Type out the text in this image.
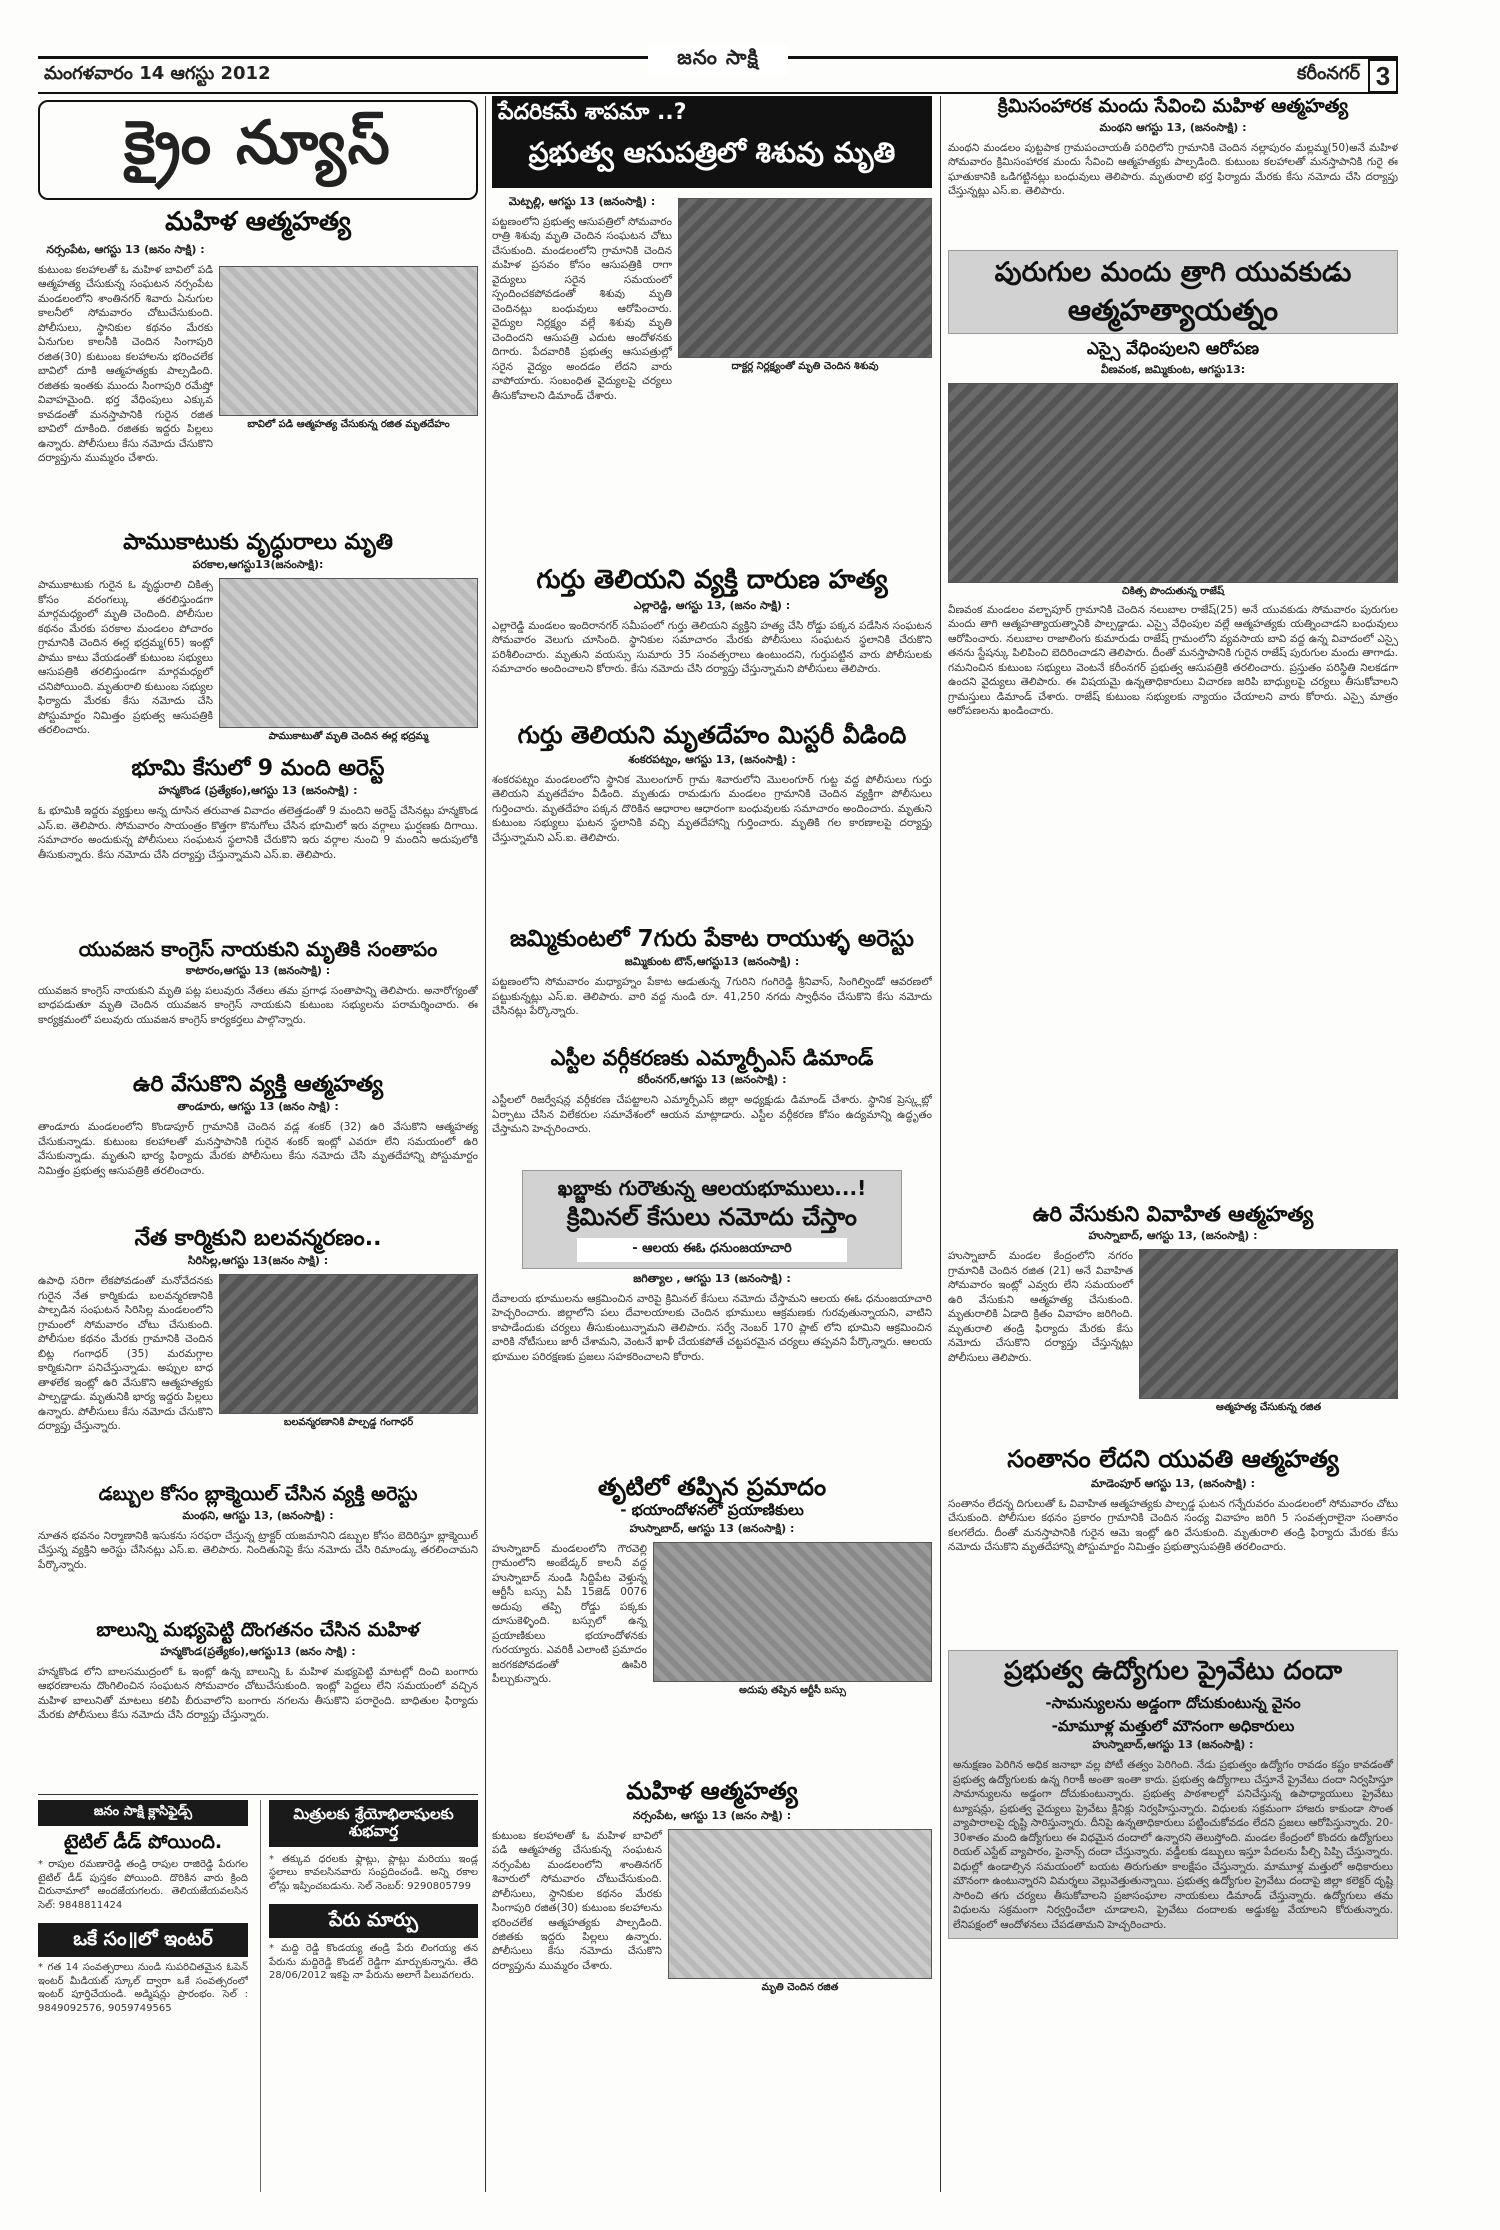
మంగళవారం 14 ఆగస్టు 2012
జనం సాక్షి
కరీంనగర్ 3
క్రైం న్యూస్
మహిళ ఆత్మహత్య
నర్సంపేట, ఆగస్టు 13 (జనం సాక్షి) :
కుటుంబ కలహాలతో ఓ మహిళ బావిలో పడి ఆత్మహత్య చేసుకున్న సంఘటన నర్సంపేట మండలంలోని శాంతినగర్ శివారు ఏనుగుల కాలనీలో సోమవారం చోటుచేసుకుంది. పోలీసులు, స్థానికుల కథనం మేరకు ఏనుగుల కాలనీకి చెందిన సింగాపురి రజిత(30) కుటుంబ కలహాలను భరించలేక బావిలో దూకి ఆత్మహత్యకు పాల్పడింది. రజితకు ఇంతకు ముందు సింగాపురి రమేష్తో వివాహమైంది. భర్త వేధింపులు ఎక్కువ కావడంతో మనస్తాపానికి గురైన రజిత బావిలో దూకింది. రజితకు ఇద్దరు పిల్లలు ఉన్నారు. పోలీసులు కేసు నమోదు చేసుకొని దర్యాప్తును ముమ్మరం చేశారు.
బావిలో పడి ఆత్మహత్య చేసుకున్న రజిత మృతదేహం
పాముకాటుకు వృద్ధురాలు మృతి
పరకాల,ఆగస్టు13(జనంసాక్షి):
పాముకాటుకు గురైన ఓ వృద్ధురాలి చికిత్స కోసం వరంగల్కు తరలిస్తుండగా మార్గమధ్యంలో మృతి చెందింది. పోలీసుల కథనం మేరకు పరకాల మండలం పోచారం గ్రామానికి చెందిన ఈర్ల భద్రమ్మ(65) ఇంట్లో పాము కాటు వేయడంతో కుటుంబ సభ్యులు ఆసుపత్రికి తరలిస్తుండగా మార్గమధ్యలో చనిపోయింది. మృతురాలి కుటుంబ సభ్యుల ఫిర్యాదు మేరకు కేసు నమోదు చేసి పోస్టుమార్టం నిమిత్తం ప్రభుత్వ ఆసుపత్రికి తరలించారు.
పాముకాటుతో మృతి చెందిన ఈర్ల భద్రమ్మ
భూమి కేసులో 9 మంది అరెస్ట్
హన్మకొండ (ప్రత్యేకం),ఆగస్టు 13 (జనంసాక్షి) :
ఓ భూమికి ఇద్దరు వ్యక్తులు అన్న దూసిన తరువాత వివాదం తలెత్తడంతో 9 మందిని అరెస్ట్ చేసినట్లు హన్మకొండ ఎస్.ఐ. తెలిపారు. సోమవారం సాయంత్రం కొత్తగా కొనుగోలు చేసిన భూమిలో ఇరు వర్గాలు ఘర్షణకు దిగాయి. సమాచారం అందుకున్న పోలీసులు సంఘటన స్థలానికి చేరుకొని ఇరు వర్గాల నుంచి 9 మందిని అదుపులోకి తీసుకున్నారు. కేసు నమోదు చేసి దర్యాప్తు చేస్తున్నామని ఎస్.ఐ. తెలిపారు.
యువజన కాంగ్రెస్ నాయకుని మృతికి సంతాపం
కాటారం,ఆగస్టు 13 (జనంసాక్షి) :
యువజన కాంగ్రెస్ నాయకుని మృతి పట్ల పలువురు నేతలు తమ ప్రగాఢ సంతాపాన్ని తెలిపారు. అనారోగ్యంతో బాధపడుతూ మృతి చెందిన యువజన కాంగ్రెస్ నాయకుని కుటుంబ సభ్యులను పరామర్శించారు. ఈ కార్యక్రమంలో పలువురు యువజన కాంగ్రెస్ కార్యకర్తలు పాల్గొన్నారు.
ఉరి వేసుకొని వ్యక్తి ఆత్మహత్య
తాండూరు, ఆగస్టు 13 (జనం సాక్షి) :
తాండూరు మండలంలోని కొండాపూర్ గ్రామానికి చెందిన వడ్ల శంకర్ (32) ఉరి వేసుకొని ఆత్మహత్య చేసుకున్నాడు. కుటుంబ కలహాలతో మనస్తాపానికి గురైన శంకర్ ఇంట్లో ఎవరూ లేని సమయంలో ఉరి వేసుకున్నాడు. మృతుని భార్య ఫిర్యాదు మేరకు పోలీసులు కేసు నమోదు చేసి మృతదేహాన్ని పోస్టుమార్టం నిమిత్తం ప్రభుత్వ ఆసుపత్రికి తరలించారు.
నేత కార్మికుని బలవన్మరణం..
సిరిసిల్ల,ఆగస్టు 13(జనం సాక్షి) :
ఉపాధి సరిగా లేకపోవడంతో మనోవేదనకు గురైన నేత కార్మికుడు బలవన్మరణానికి పాల్పడిన సంఘటన సిరిసిల్ల మండలంలోని గ్రామంలో సోమవారం చోటు చేసుకుంది. పోలీసుల కథనం మేరకు గ్రామానికి చెందిన బిట్ల గంగాధర్ (35) మరమగ్గాల కార్మికునిగా పనిచేస్తున్నాడు. అప్పుల బాధ తాళలేక ఇంట్లో ఉరి వేసుకొని ఆత్మహత్యకు పాల్పడ్డాడు. మృతునికి భార్య ఇద్దరు పిల్లలు ఉన్నారు. పోలీసులు కేసు నమోదు చేసుకొని దర్యాప్తు చేస్తున్నారు.	బలవన్మరణానికి పాల్పడ్డ గంగాధర్
డబ్బుల కోసం బ్లాక్మెయిల్ చేసిన వ్యక్తి అరెస్టు
మంథని, ఆగస్టు 13, (జనంసాక్షి) :
నూతన భవనం నిర్మాణానికి ఇసుకను సరఫరా చేస్తున్న ట్రాక్టర్ యజమానిని డబ్బుల కోసం బెదిరిస్తూ బ్లాక్మెయిల్ చేస్తున్న వ్యక్తిని అరెస్టు చేసినట్లు ఎస్.ఐ. తెలిపారు. నిందితునిపై కేసు నమోదు చేసి రిమాండ్కు తరలించామని పేర్కొన్నారు.
బాలున్ని మభ్యపెట్టి దొంగతనం చేసిన మహిళ
హన్మకొండ(ప్రత్యేకం),ఆగస్టు13 (జనం సాక్షి) :
హన్మకొండ లోని బాలసముద్రంలో ఓ ఇంట్లో ఉన్న బాలున్ని ఓ మహిళ మభ్యపెట్టి మాటల్లో దించి బంగారు ఆభరణాలను దొంగిలించిన సంఘటన సోమవారం చోటుచేసుకుంది. ఇంట్లో పెద్దలు లేని సమయంలో వచ్చిన మహిళ బాలునితో మాటలు కలిపి బీరువాలోని బంగారు నగలను తీసుకొని పరారైంది. బాధితుల ఫిర్యాదు మేరకు పోలీసులు కేసు నమోదు చేసి దర్యాప్తు చేస్తున్నారు.
జనం సాక్షి క్లాసిఫైడ్స్
టైటిల్ డీడ్ పోయింది.
* రాపుల రమణారెడ్డి తండ్రి రాపుల రాజిరెడ్డి పేరుగల టైటిల్ డీడ్ పుస్తకం పోయింది. దొరికిన వారు క్రింది చిరునామాలో అందజేయగలరు. తెలియజేయవలసిన సెల్: 9848811424
ఒకే సం॥లో ఇంటర్
* గత 14 సంవత్సరాలు నుండి సుపరిచితమైన ఓపెన్ ఇంటర్ మీడియట్ స్కూల్ ద్వారా ఒకే సంవత్సరంలో ఇంటర్ పూర్తిచేయండి. అడ్మిషన్లు ప్రారంభం. సెల్ : 9849092576, 9059749565
మిత్రులకు శ్రేయోభిలాషులకు శుభవార్త
* తక్కువ ధరలకు ఫ్లాట్లు, ప్లాట్లు మరియు ఇండ్ల స్థలాలు కావలసినవారు సంప్రదించండి. అన్ని రకాల లోన్లు ఇప్పించబడును. సెల్ నెంబర్: 9290805799
పేరు మార్పు
* మద్ది రెడ్డి కొండయ్య తండ్రి పేరు లింగయ్య తన పేరును మద్దిరెడ్డి కొండల్ రెడ్డిగా మార్చుకున్నాను. తేది 28/06/2012 ఇకపై నా పేరును అలాగే పిలువగలరు.
పేదరికమే శాపమా ..?
ప్రభుత్వ ఆసుపత్రిలో శిశువు మృతి
మెట్పల్లి, ఆగస్టు 13 (జనంసాక్షి) :
పట్టణంలోని ప్రభుత్వ ఆసుపత్రిలో సోమవారం రాత్రి శిశువు మృతి చెందిన సంఘటన చోటు చేసుకుంది. మండలంలోని గ్రామానికి చెందిన మహిళ ప్రసవం కోసం ఆసుపత్రికి రాగా వైద్యులు సరైన సమయంలో స్పందించకపోవడంతో శిశువు మృతి చెందినట్లు బంధువులు ఆరోపించారు. వైద్యుల నిర్లక్ష్యం వల్లే శిశువు మృతి చెందిందని ఆసుపత్రి ఎదుట ఆందోళనకు దిగారు. పేదవారికి ప్రభుత్వ ఆసుపత్రుల్లో సరైన వైద్యం అందడం లేదని వారు వాపోయారు. సంబంధిత వైద్యులపై చర్యలు తీసుకోవాలని డిమాండ్ చేశారు.
దాక్టర్ల నిర్లక్ష్యంతో మృతి చెందిన శిశువు
గుర్తు తెలియని వ్యక్తి దారుణ హత్య
ఎల్లారెడ్డి, ఆగస్టు 13, (జనం సాక్షి) :
ఎల్లారెడ్డి మండలం ఇందిరానగర్ సమీపంలో గుర్తు తెలియని వ్యక్తిని హత్య చేసి రోడ్డు పక్కన పడేసిన సంఘటన సోమవారం వెలుగు చూసింది. స్థానికుల సమాచారం మేరకు పోలీసులు సంఘటన స్థలానికి చేరుకొని పరిశీలించారు. మృతుని వయస్సు సుమారు 35 సంవత్సరాలు ఉంటుందని, గుర్తుపట్టిన వారు పోలీసులకు సమాచారం అందించాలని కోరారు. కేసు నమోదు చేసి దర్యాప్తు చేస్తున్నామని పోలీసులు తెలిపారు.
గుర్తు తెలియని మృతదేహం మిస్టరీ వీడింది
శంకరపట్నం, ఆగస్టు 13, (జనంసాక్షి) :
శంకరపట్నం మండలంలోని స్థానిక మొలంగూర్ గ్రామ శివారులోని మొలంగూర్ గుట్ట వద్ద పోలీసులు గుర్తు తెలియని మృతదేహం వీడింది. మృతుడు రామడుగు మండలం గ్రామానికి చెందిన వ్యక్తిగా పోలీసులు గుర్తించారు. మృతదేహం పక్కన దొరికిన ఆధారాల ఆధారంగా బంధువులకు సమాచారం అందించారు. మృతుని కుటుంబ సభ్యులు ఘటన స్థలానికి వచ్చి మృతదేహాన్ని గుర్తించారు. మృతికి గల కారణాలపై దర్యాప్తు చేస్తున్నామని ఎస్.ఐ. తెలిపారు.
జమ్మికుంటలో 7గురు పేకాట రాయుళ్ళ అరెస్టు
జమ్మికుంట టౌన్,ఆగస్టు13 (జనంసాక్షి) :
పట్టణంలోని సోమవారం మధ్యాహ్నం పేకాట ఆడుతున్న 7గురిని గంగిరెడ్డి శ్రీనివాస్, సింగిల్విండో ఆవరణలో పట్టుకున్నట్లు ఎస్.ఐ. తెలిపారు. వారి వద్ద నుండి రూ. 41,250 నగదు స్వాధీనం చేసుకొని కేసు నమోదు చేసినట్లు పేర్కొన్నారు.
ఎస్టీల వర్గీకరణకు ఎమ్మార్పీఎస్ డిమాండ్
కరీంనగర్,ఆగస్టు 13 (జనంసాక్షి) :
ఎస్టీలలో రిజర్వేషన్ల వర్గీకరణ చేపట్టాలని ఎమ్మార్పీఎస్ జిల్లా అధ్యక్షుడు డిమాండ్ చేశారు. స్థానిక ప్రెస్క్లబ్లో ఏర్పాటు చేసిన విలేకరుల సమావేశంలో ఆయన మాట్లాడారు. ఎస్టీల వర్గీకరణ కోసం ఉద్యమాన్ని ఉద్ధృతం చేస్తామని హెచ్చరించారు.
ఖబ్జాకు గురౌతున్న ఆలయభూములు...!
క్రిమినల్ కేసులు నమోదు చేస్తాం
- ఆలయ ఈఓ ధనుంజయాచారి
జగిత్యాల , ఆగస్టు 13 (జనంసాక్షి) :
దేవాలయ భూములను ఆక్రమించిన వారిపై క్రిమినల్ కేసులు నమోదు చేస్తామని ఆలయ ఈఓ ధనుంజయాచారి హెచ్చరించారు. జిల్లాలోని పలు దేవాలయాలకు చెందిన భూములు ఆక్రమణకు గురవుతున్నాయని, వాటిని కాపాడేందుకు చర్యలు తీసుకుంటున్నామని తెలిపారు. సర్వే నెంబర్ 170 ప్లాట్ లోని భూమిని ఆక్రమించిన వారికి నోటీసులు జారీ చేశామని, వెంటనే ఖాళీ చేయకపోతే చట్టపరమైన చర్యలు తప్పవని పేర్కొన్నారు. ఆలయ భూముల పరిరక్షణకు ప్రజలు సహకరించాలని కోరారు.
తృటిలో తప్పిన ప్రమాదం
- భయాందోళనలో ప్రయాణికులు
హుస్నాబాద్, ఆగస్టు 13 (జనంసాక్షి) :
హుస్నాబాద్ మండలంలోని గౌరవెల్లి గ్రామంలోని అంబేడ్కర్ కాలనీ వద్ద హుస్నాబాద్ నుండి సిద్దిపేట వెళ్తున్న ఆర్టీసీ బస్సు ఏపీ 15జెడ్ 0076 అదుపు తప్పి రోడ్డు పక్కకు దూసుకెళ్ళింది. బస్సులో ఉన్న ప్రయాణికులు భయాందోళనకు గురయ్యారు. ఎవరికీ ఎలాంటి ప్రమాదం జరగకపోవడంతో ఊపిరి పీల్చుకున్నారు.
అదుపు తప్పిన ఆర్టీసీ బస్సు
మహిళ ఆత్మహత్య
నర్సంపేట, ఆగస్టు 13 (జనం సాక్షి) :
కుటుంబ కలహాలతో ఓ మహిళ బావిలో పడి ఆత్మహత్య చేసుకున్న సంఘటన నర్సంపేట మండలంలోని శాంతినగర్ శివారులో సోమవారం చోటుచేసుకుంది. పోలీసులు, స్థానికుల కథనం మేరకు సింగాపురి రజిత(30) కుటుంబ కలహాలను భరించలేక ఆత్మహత్యకు పాల్పడింది. రజితకు ఇద్దరు పిల్లలు ఉన్నారు. పోలీసులు కేసు నమోదు చేసుకొని దర్యాప్తును ముమ్మరం చేశారు.
మృతి చెందిన రజిత
క్రిమిసంహారక మందు సేవించి మహిళ ఆత్మహత్య
మంథని ఆగస్టు 13, (జనంసాక్షి) :
మంథని మండలం పుట్టపాక గ్రామపంచాయతీ పరిధిలోని గ్రామానికి చెందిన నల్లాపురం మల్లమ్మ(50)అనే మహిళ సోమవారం క్రిమిసంహారక మందు సేవించి ఆత్మహత్యకు పాల్పడింది. కుటుంబ కలహాలతో మనస్తాపానికి గురై ఈ ఘాతుకానికి ఒడిగట్టినట్లు బంధువులు తెలిపారు. మృతురాలి భర్త ఫిర్యాదు మేరకు కేసు నమోదు చేసి దర్యాప్తు చేస్తున్నట్లు ఎస్.ఐ. తెలిపారు.
పురుగుల మందు త్రాగి యువకుడు
ఆత్మహత్యాయత్నం
ఎస్సై వేధింపులని ఆరోపణ
వీణవంక, జమ్మికుంట, ఆగస్టు13:
చికిత్స పొందుతున్న రాజేష్
వీణవంక మండలం వల్బాపూర్ గ్రామానికి చెందిన నలుబాల రాజేష్(25) అనే యువకుడు సోమవారం పురుగుల మందు తాగి ఆత్మహత్యాయత్నానికి పాల్పడ్డాడు. ఎస్సై వేధింపుల వల్లే ఆత్మహత్యకు యత్నించాడని బంధువులు ఆరోపించారు. నలుబాల రాజాలింగు కుమారుడు రాజేష్ గ్రామంలోని వ్యవసాయ బావి వద్ద ఉన్న వివాదంలో ఎస్సై తనను స్టేషన్కు పిలిపించి బెదిరించాడని తెలిపారు. దీంతో మనస్తాపానికి గురైన రాజేష్ పురుగుల మందు తాగాడు. గమనించిన కుటుంబ సభ్యులు వెంటనే కరీంనగర్ ప్రభుత్వ ఆసుపత్రికి తరలించారు. ప్రస్తుతం పరిస్థితి నిలకడగా ఉందని వైద్యులు తెలిపారు. ఈ విషయమై ఉన్నతాధికారులు విచారణ జరిపి బాధ్యులపై చర్యలు తీసుకోవాలని గ్రామస్తులు డిమాండ్ చేశారు. రాజేష్ కుటుంబ సభ్యులకు న్యాయం చేయాలని వారు కోరారు. ఎస్సై మాత్రం ఆరోపణలను ఖండించారు.
ఉరి వేసుకుని వివాహిత ఆత్మహత్య
హుస్నాబాద్, ఆగస్టు 13, (జనంసాక్షి) :
హుస్నాబాద్ మండల కేంద్రంలోని నగరం గ్రామానికి చెందిన రజిత (21) అనే వివాహిత సోమవారం ఇంట్లో ఎవ్వరు లేని సమయంలో ఉరి వేసుకుని ఆత్మహత్య చేసుకుంది. మృతురాలికి ఏడాది క్రితం వివాహం జరిగింది. మృతురాలి తండ్రి ఫిర్యాదు మేరకు కేసు నమోదు చేసుకొని దర్యాప్తు చేస్తున్నట్లు పోలీసులు తెలిపారు.
ఆత్మహత్య చేసుకున్న రజిత
సంతానం లేదని యువతి ఆత్మహత్య
మాడెంపూర్ ఆగస్టు 13, (జనంసాక్షి) :
సంతానం లేదన్న దిగులుతో ఓ వివాహిత ఆత్మహత్యకు పాల్పడ్డ ఘటన గన్నేరువరం మండలంలో సోమవారం చోటు చేసుకుంది. పోలీసుల కథనం ప్రకారం గ్రామానికి చెందిన సంధ్య వివాహం జరిగి 5 సంవత్సరాలైనా సంతానం కలగలేదు. దీంతో మనస్తాపానికి గురైన ఆమె ఇంట్లో ఉరి వేసుకుంది. మృతురాలి తండ్రి ఫిర్యాదు మేరకు కేసు నమోదు చేసుకొని మృతదేహాన్ని పోస్టుమార్టం నిమిత్తం ప్రభుత్వాసుపత్రికి తరలించారు.
ప్రభుత్వ ఉద్యోగుల ప్రైవేటు దందా
-సామన్యులను అడ్డంగా దోచుకుంటున్న వైనం
-మామూళ్ల మత్తులో మౌనంగా అధికారులు
హుస్నాబాద్,ఆగస్టు 13 (జనంసాక్షి) :
అనుక్షణం పెరిగిన అధిక జనాభా వల్ల పోటీ తత్వం పెరిగింది. నేడు ప్రభుత్వం ఉద్యోగం రావడం కష్టం కావడంతో ప్రభుత్వ ఉద్యోగులకు ఉన్న గిరాకీ అంతా ఇంతా కాదు. ప్రభుత్వ ఉద్యోగాలు చేస్తూనే ప్రైవేటు దందా నిర్వహిస్తూ సామాన్యులను అడ్డంగా దోచుకుంటున్నారు. ప్రభుత్వ పాఠశాలల్లో పనిచేస్తున్న ఉపాధ్యాయులు ప్రైవేటు ట్యూషన్లు, ప్రభుత్వ వైద్యులు ప్రైవేటు క్లినిక్లు నిర్వహిస్తున్నారు. విధులకు సక్రమంగా హాజరు కాకుండా సొంత వ్యాపారాలపై దృష్టి సారిస్తున్నారు. దీనిపై ఉన్నతాధికారులు పట్టించుకోవడం లేదని ప్రజలు ఆరోపిస్తున్నారు. 20-30శాతం మంది ఉద్యోగులు ఈ విధమైన దందాలో ఉన్నారని తెలుస్తోంది. మండల కేంద్రంలో కొందరు ఉద్యోగులు రియల్ ఎస్టేట్ వ్యాపారం, ఫైనాన్స్ దందా చేస్తున్నారు. వడ్డీలకు డబ్బులు ఇస్తూ పేదలను పీల్చి పిప్పి చేస్తున్నారు. విధుల్లో ఉండాల్సిన సమయంలో బయట తిరుగుతూ కాలక్షేపం చేస్తున్నారు. మామూళ్ల మత్తులో అధికారులు మౌనంగా ఉంటున్నారని విమర్శలు వెల్లువెత్తుతున్నాయి. ప్రభుత్వ ఉద్యోగుల ప్రైవేటు దందాపై జిల్లా కలెక్టర్ దృష్టి సారించి తగు చర్యలు తీసుకోవాలని ప్రజాసంఘాల నాయకులు డిమాండ్ చేస్తున్నారు. ఉద్యోగులు తమ విధులను సక్రమంగా నిర్వర్తించేలా చూడాలని, ప్రైవేటు దందాలకు అడ్డుకట్ట వేయాలని కోరుతున్నారు. లేనిపక్షంలో ఆందోళనలు చేపడతామని హెచ్చరించారు.
